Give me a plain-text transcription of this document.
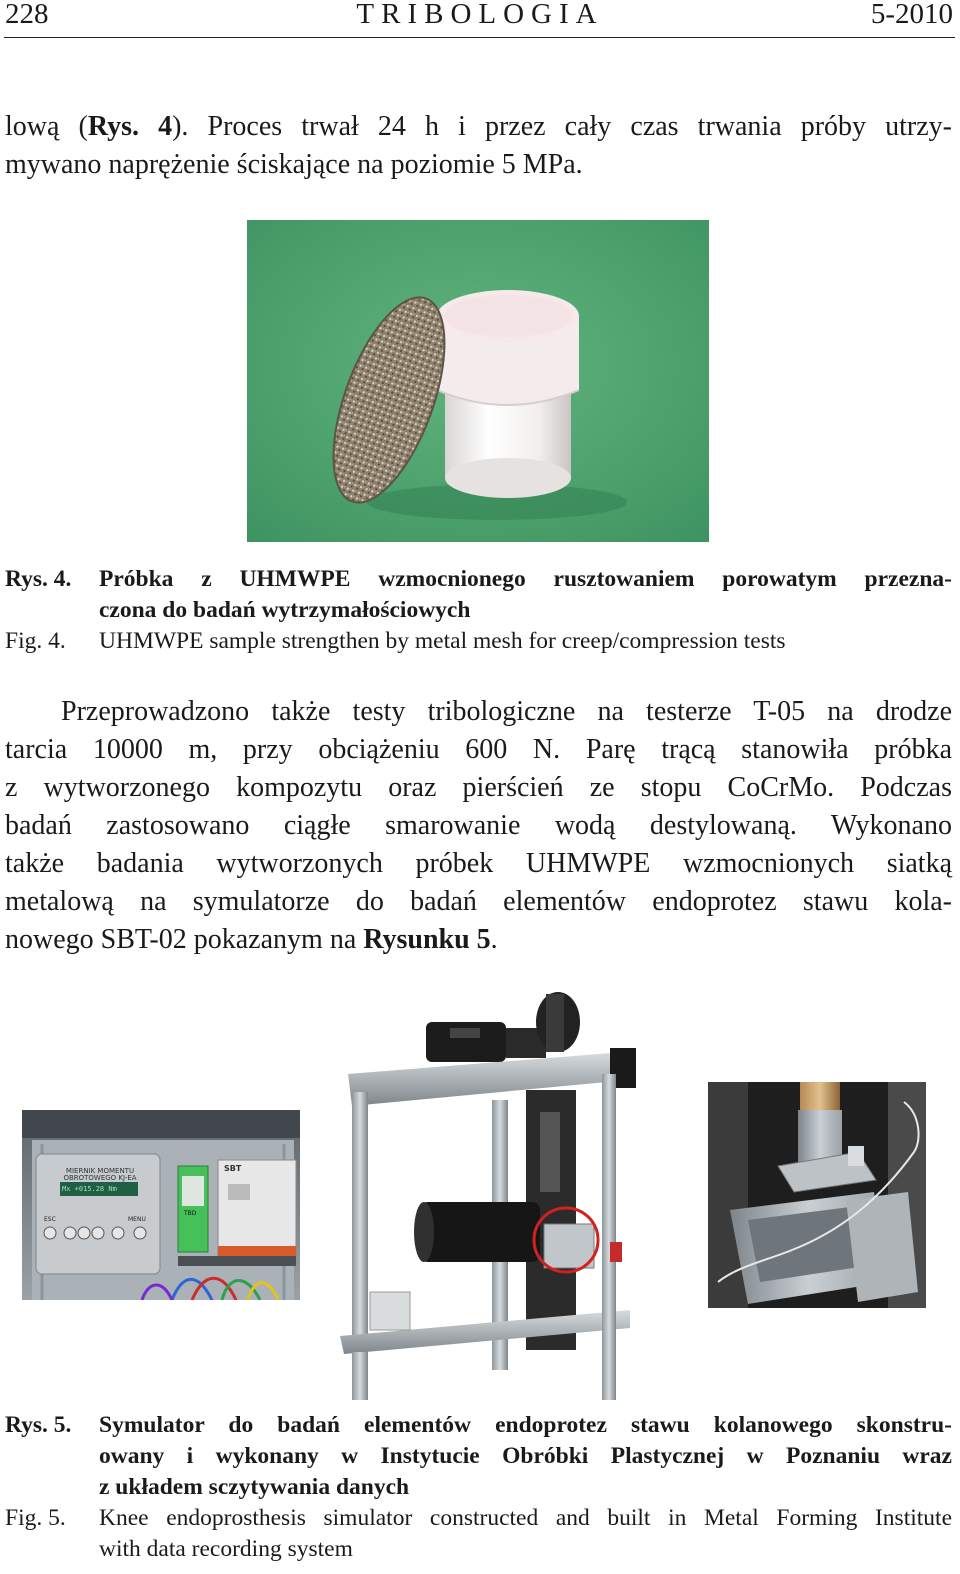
228	TRIBOLOGIA	5-2010
lową (Rys. 4). Proces trwał 24 h i przez cały czas trwania próby utrzy-
mywano naprężenie ściskające na poziomie 5 MPa.
Rys. 4. Próbka z UHMWPE wzmocnionego rusztowaniem porowatym przezna-
czona do badań wytrzymałościowych
Fig. 4. UHMWPE sample strengthen by metal mesh for creep/compression tests
Przeprowadzono także testy tribologiczne na testerze T-05 na drodze
tarcia 10000 m, przy obciążeniu 600 N. Parę trącą stanowiła próbka
z wytworzonego kompozytu oraz pierścień ze stopu CoCrMo. Podczas
badań zastosowano ciągłe smarowanie wodą destylowaną. Wykonano
także badania wytworzonych próbek UHMWPE wzmocnionych siatką
metalową na symulatorze do badań elementów endoprotez stawu kola-
nowego SBT-02 pokazanym na Rysunku 5.
MIERNIK MOMENTU
OBROTOWEGO KJ-EA
Mx +015.28 Nm
ESC	MENU
TBD
SBT
Rys. 5. Symulator do badań elementów endoprotez stawu kolanowego skonstru-
owany i wykonany w Instytucie Obróbki Plastycznej w Poznaniu wraz
z układem sczytywania danych
Fig. 5. Knee endoprosthesis simulator constructed and built in Metal Forming Institute
with data recording system
